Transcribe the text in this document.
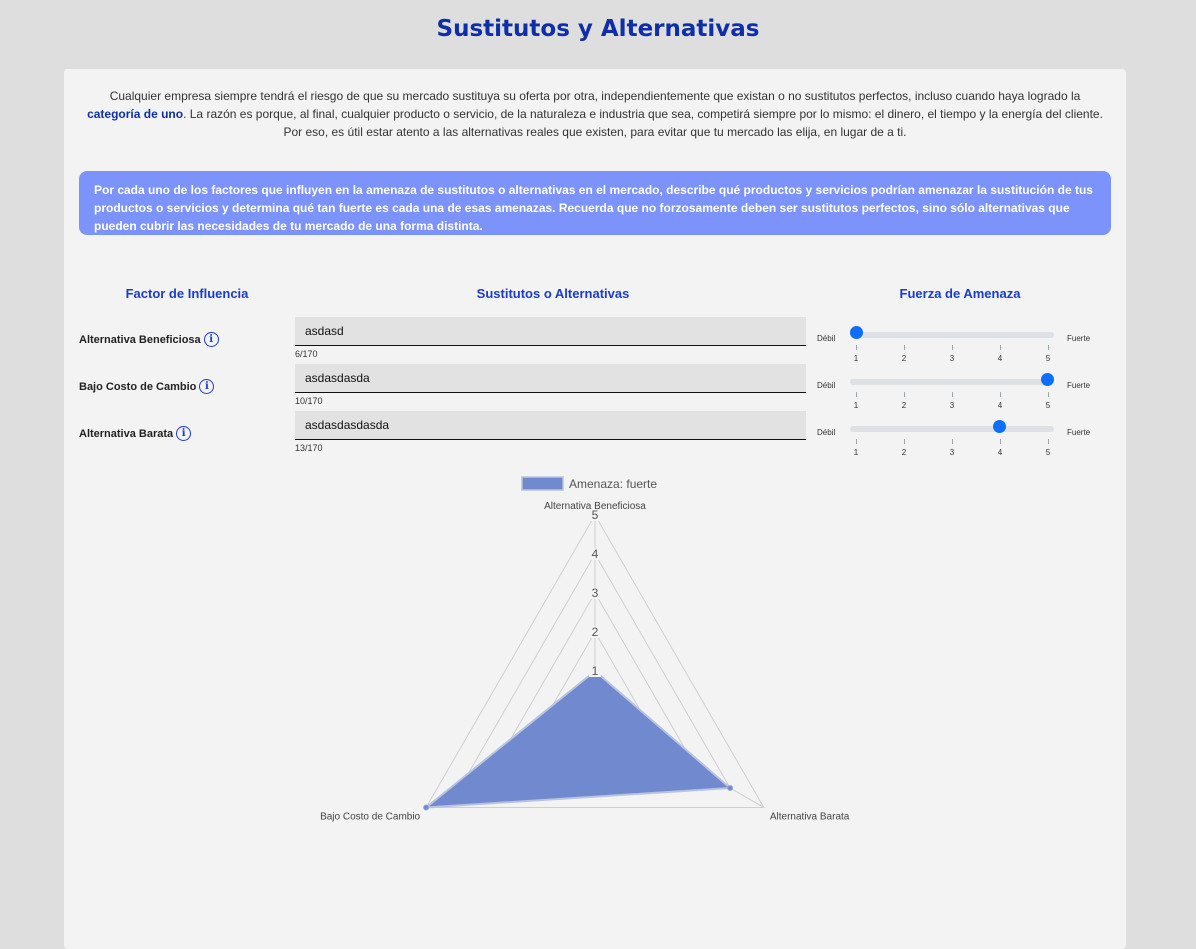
Sustitutos y Alternativas

Cualquier empresa siempre tendrá el riesgo de que su mercado sustituya su oferta por otra, independientemente que existan o no sustitutos perfectos, incluso cuando haya logrado la categoría de uno. La razón es porque, al final, cualquier producto o servicio, de la naturaleza e industria que sea, competirá siempre por lo mismo: el dinero, el tiempo y la energía del cliente. Por eso, es útil estar atento a las alternativas reales que existen, para evitar que tu mercado las elija, en lugar de a ti.

Por cada uno de los factores que influyen en la amenaza de sustitutos o alternativas en el mercado, describe qué productos y servicios podrían amenazar la sustitución de tus productos o servicios y determina qué tan fuerte es cada una de esas amenazas. Recuerda que no forzosamente deben ser sustitutos perfectos, sino sólo alternativas que pueden cubrir las necesidades de tu mercado de una forma distinta.
Factor de Influencia	Sustitutos o Alternativas	Fuerza de Amenaza
Alternativa Beneficiosa i
asdasd
6/170
Débil	Fuerte
1	2	3	4	5
Bajo Costo de Cambio i
asdasdasda
10/170
Débil	Fuerte
1	2	3	4	5
Alternativa Barata i
asdasdasdasda
13/170
Débil	Fuerte
1	2	3	4	5
1
2
3
4
5
Alternativa Beneficiosa
Alternativa Barata
Bajo Costo de Cambio
Amenaza: fuerte
